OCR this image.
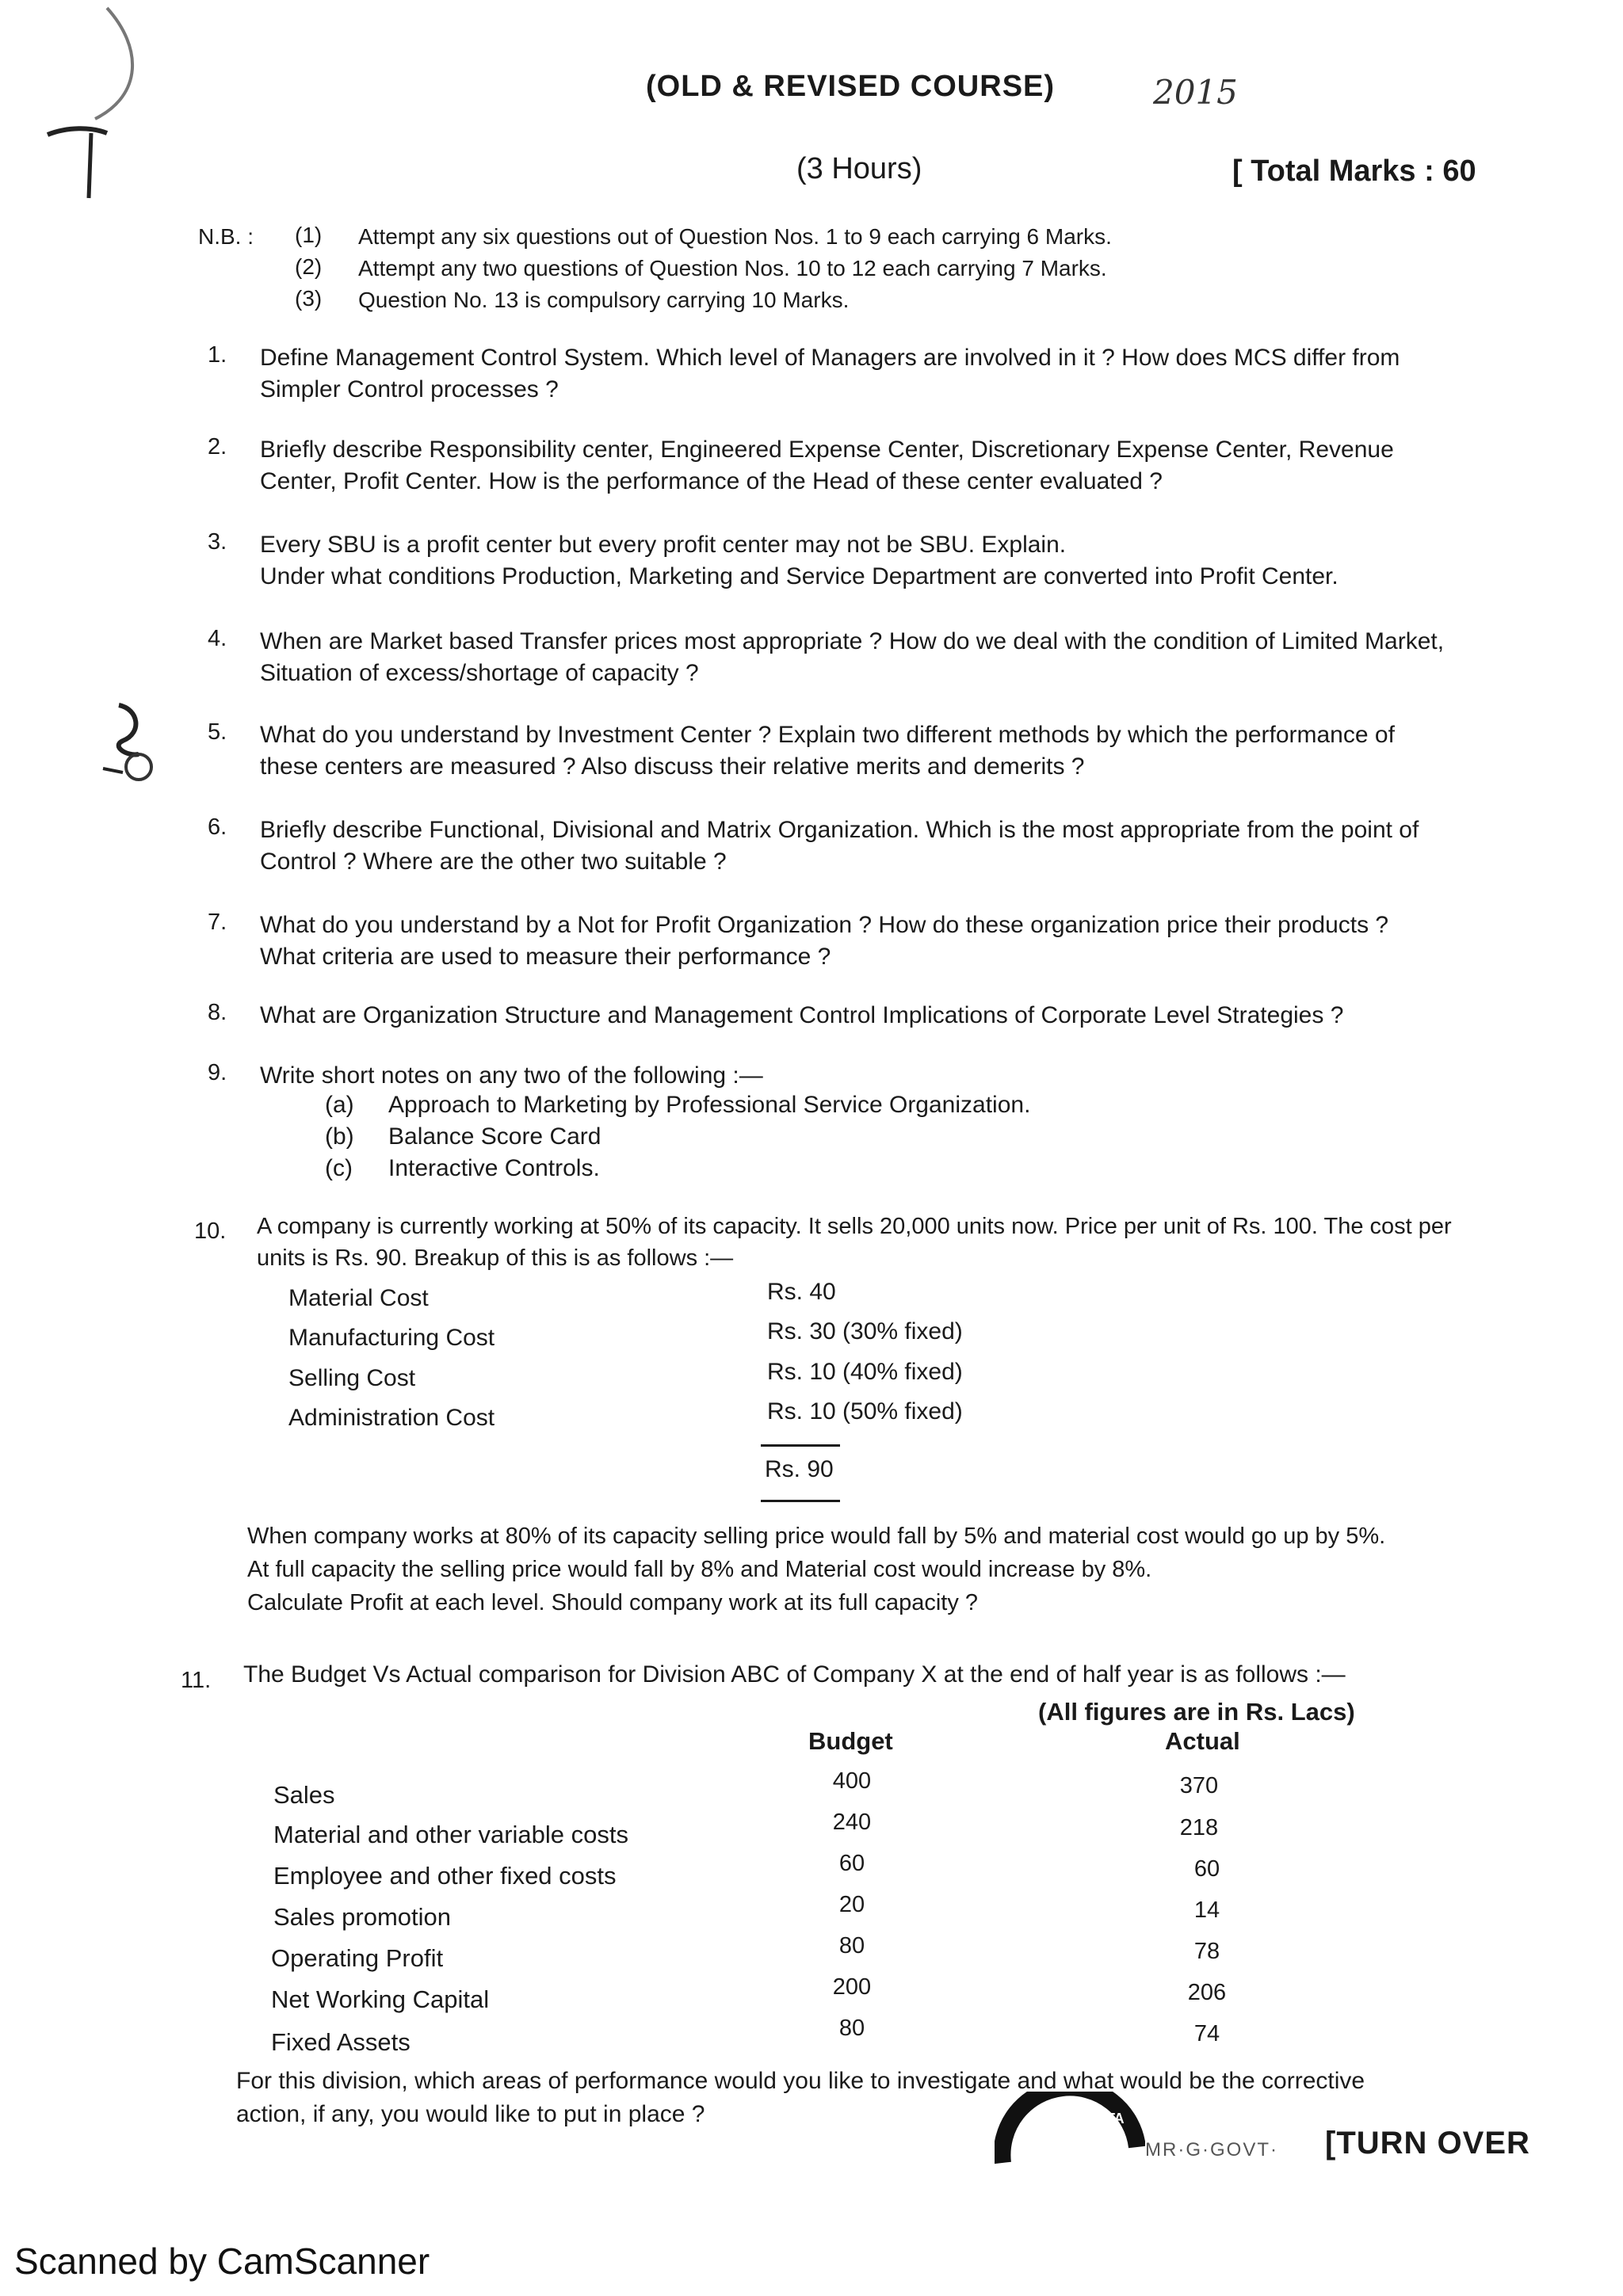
(OLD & REVISED COURSE)	2015
(3 Hours)	[ Total Marks : 60
N.B. : (1) Attempt any six questions out of Question Nos. 1 to 9 each carrying 6 Marks.
(2) Attempt any two questions of Question Nos. 10 to 12 each carrying 7 Marks.
(3) Question No. 13 is compulsory carrying 10 Marks.
1. Define Management Control System. Which level of Managers are involved in it ? How does MCS differ from
Simpler Control processes ?
2. Briefly describe Responsibility center, Engineered Expense Center, Discretionary Expense Center, Revenue
Center, Profit Center. How is the performance of the Head of these center evaluated ?
3. Every SBU is a profit center but every profit center may not be SBU. Explain.
Under what conditions Production, Marketing and Service Department are converted into Profit Center.
4. When are Market based Transfer prices most appropriate ? How do we deal with the condition of Limited Market,
Situation of excess/shortage of capacity ?
5. What do you understand by Investment Center ? Explain two different methods by which the performance of
these centers are measured ? Also discuss their relative merits and demerits ?
6. Briefly describe Functional, Divisional and Matrix Organization. Which is the most appropriate from the point of
Control ? Where are the other two suitable ?
7. What do you understand by a Not for Profit Organization ? How do these organization price their products ?
What criteria are used to measure their performance ?
8. What are Organization Structure and Management Control Implications of Corporate Level Strategies ?
9. Write short notes on any two of the following :—
(a) Approach to Marketing by Professional Service Organization.
(b) Balance Score Card
(c) Interactive Controls.
10. A company is currently working at 50% of its capacity. It sells 20,000 units now. Price per unit of Rs. 100. The cost per
units is Rs. 90. Breakup of this is as follows :—
Material Cost	Rs. 40
Manufacturing Cost	Rs. 30 (30% fixed)
Selling Cost	Rs. 10 (40% fixed)
Administration Cost	Rs. 10 (50% fixed)
Rs. 90
When company works at 80% of its capacity selling price would fall by 5% and material cost would go up by 5%.
At full capacity the selling price would fall by 8% and Material cost would increase by 8%.
Calculate Profit at each level. Should company work at its full capacity ?
11. The Budget Vs Actual comparison for Division ABC of Company X at the end of half year is as follows :—
(All figures are in Rs. Lacs)
Budget	Actual
Sales	400	370
Material and other variable costs	240	218
Employee and other fixed costs	60	60
Sales promotion	20	14
Operating Profit	80	78
Net Working Capital	200	206
Fixed Assets	80	74
For this division, which areas of performance would you like to investigate and what would be the corrective
action, if any, you would like to put in place ?	GOVT. STA
MR·G·GOVT· [TURN OVER
Scanned by CamScanner
